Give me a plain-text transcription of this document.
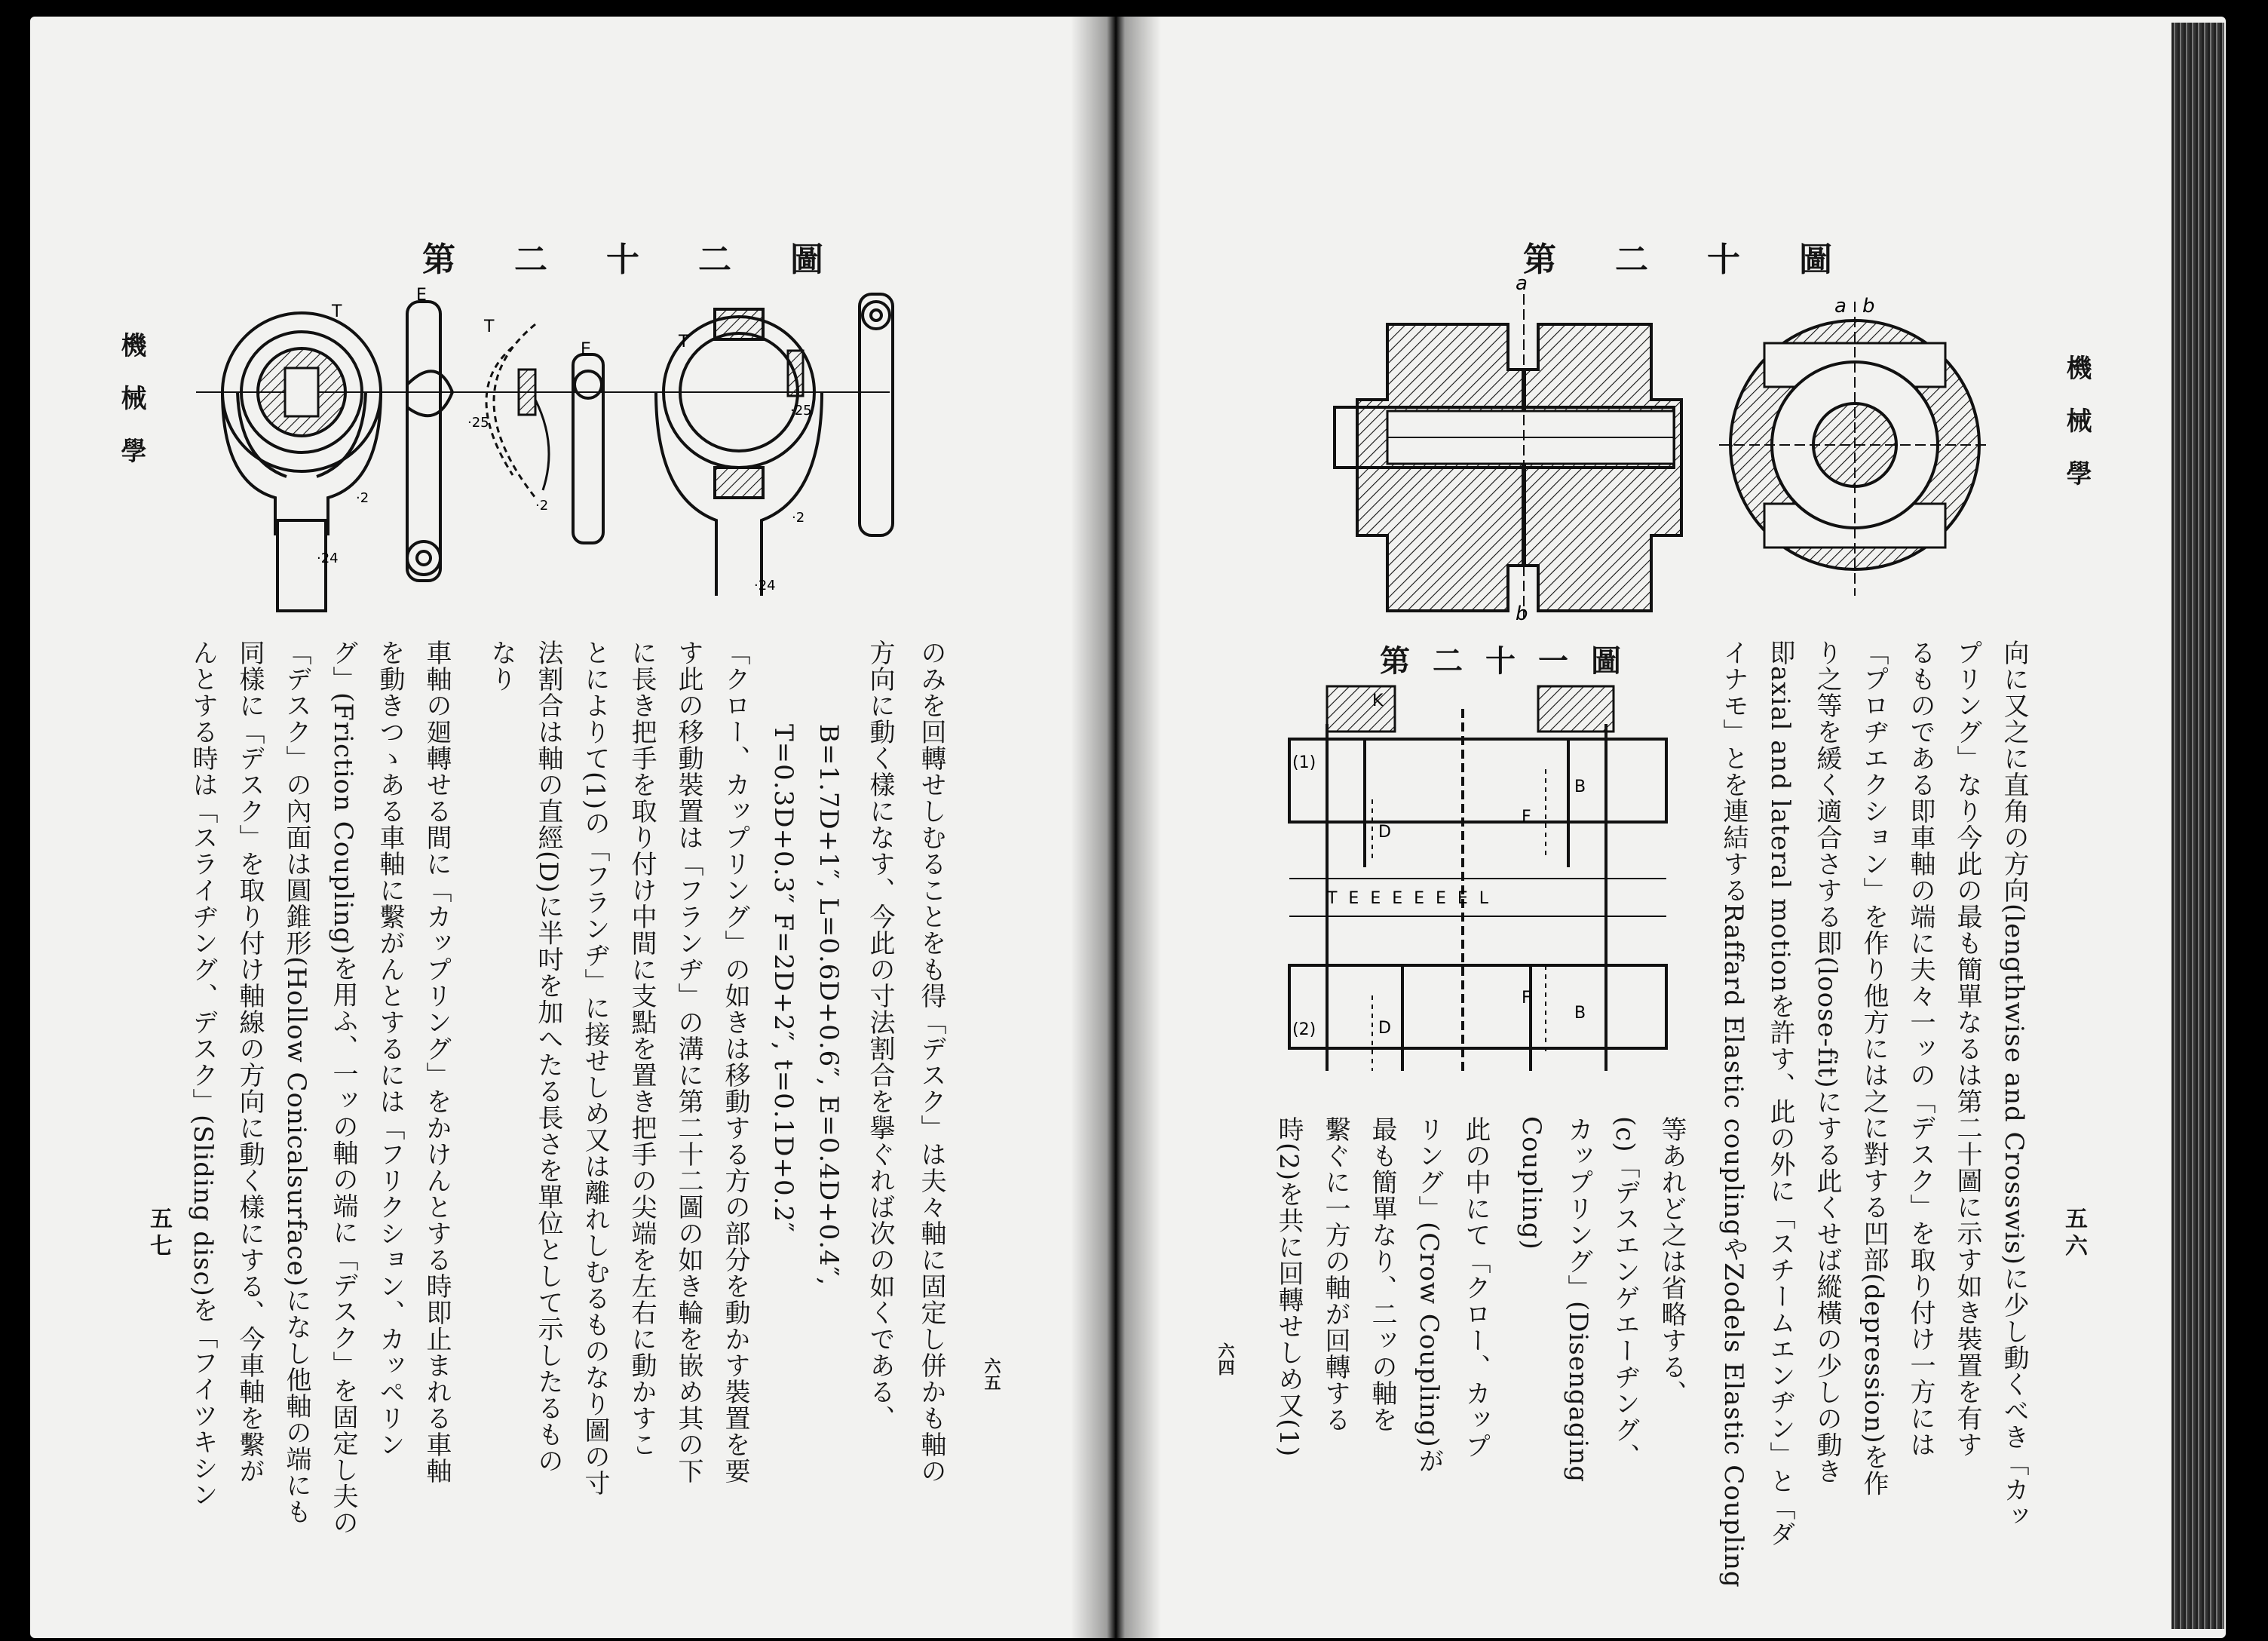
機械學
第二十二圖
T
E
T
E	T
·2
·24
·25
·2
·25
·2
·24
のみを回轉せしむることをも得「デスク」は夫々軸に固定し併かも軸の
方向に動く樣になす、今此の寸法割合を擧ぐれば次の如くである、
B=1.7D+1″, L=0.6D+0.6″, E=0.4D+0.4″,
T=0.3D+0.3″ F=2D+2″, t=0.1D+0.2″
「クロー、カップリング」の如きは移動する方の部分を動かす裝置を要
す此の移動裝置は「フランヂ」の溝に第二十二圖の如き輪を嵌め其の下
に長き把手を取り付け中間に支點を置き把手の尖端を左右に動かすこ
とによりて(1)の「フランヂ」に接せしめ又は離れしむるものなり圖の寸
法割合は軸の直經(D)に半吋を加へたる長さを單位として示したるもの
なり
車軸の廻轉せる間に「カップリング」をかけんとする時即止まれる車軸
を動きつゝある車軸に繫がんとするには「フリクション、カッペリン
グ」(Friction Coupling)を用ふ、一ッの軸の端に「デスク」を固定し夫の
「デスク」の內面は圓錐形(Hollow Conicalsurface)になし他軸の端にも
同樣に「デスク」を取り付け軸線の方向に動く樣にする、今車軸を繫が
んとする時は「スライヂング、デスク」(Sliding disc)を「フイツキシン
五七
六五
機械學
第二十圖
a
b
a b
第二十一圖
K
(1)
(2)
T E E E E E E L
B
F
B
F
D
D	向に又之に直角の方向(lengthwise and Crosswis)に少し動くべき「カッ
プリング」なり今此の最も簡單なるは第二十圖に示す如き裝置を有す
るものである即車軸の端に夫々一ッの「デスク」を取り付け一方には
「プロヂエクション」を作り他方には之に對する凹部(depression)を作
り之等を緩く適合さする即(loose-fit)にする此くせば縱橫の少しの動き
即axial and lateral motionを許す、此の外に「スチームエンヂン」と「ダ
イナモ」とを連結するRaffard Elastic couplingやZodels Elastic Coupling
等あれど之は省略する、
(c)「デスエンゲエーヂング、
カップリング」(Disengaging
Coupling)
此の中にて「クロー、カップ
リング」(Crow Coupling)が
最も簡單なり、二ッの軸を
繫ぐに一方の軸が回轉する
時(2)を共に回轉せしめ又(1)	五六
六四
